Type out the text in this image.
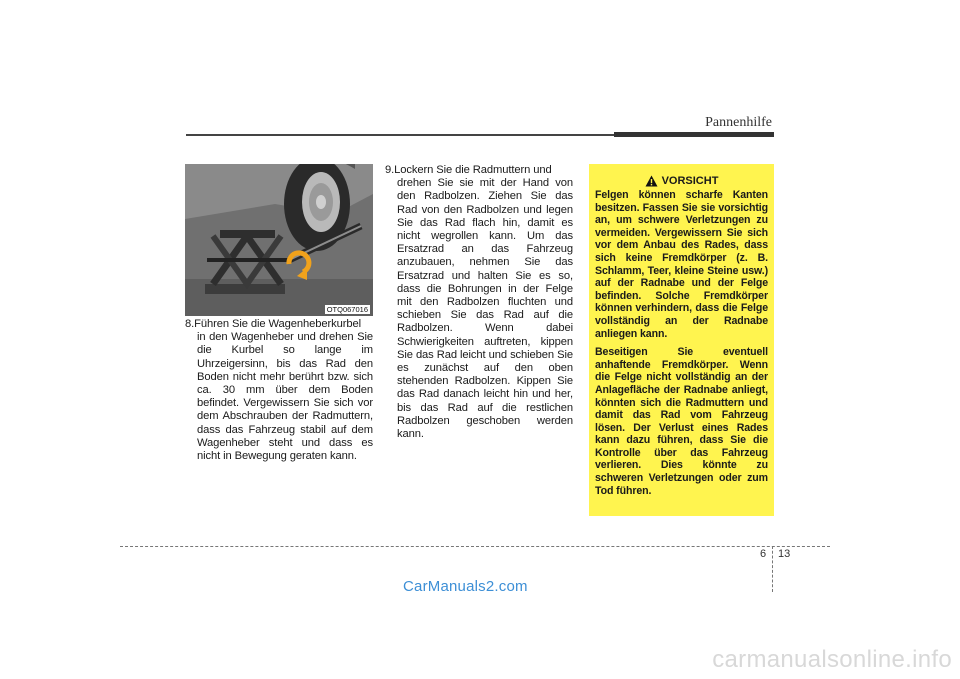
Pannenhilfe
OTQ067016
8.Führen Sie die Wagenheberkurbel
in den Wagenheber und drehen Sie die Kurbel so lange im Uhrzeigersinn, bis das Rad den Boden nicht mehr berührt bzw. sich ca. 30 mm über dem Boden befindet. Vergewissern Sie sich vor dem Abschrauben der Radmuttern, dass das Fahrzeug stabil auf dem Wagenheber steht und dass es nicht in Bewegung geraten kann.
9.Lockern Sie die Radmuttern und
drehen Sie sie mit der Hand von den Radbolzen. Ziehen Sie das Rad von den Radbolzen und legen Sie das Rad flach hin, damit es nicht wegrollen kann. Um das Ersatzrad an das Fahrzeug anzubauen, nehmen Sie das Ersatzrad und halten Sie es so, dass die Bohrungen in der Felge mit den Radbolzen fluchten und schieben Sie das Rad auf die Radbolzen. Wenn dabei Schwierigkeiten auftreten, kippen Sie das Rad leicht und schieben Sie es zunächst auf den oben stehenden Radbolzen. Kippen Sie das Rad danach leicht hin und her, bis das Rad auf die restlichen Radbolzen geschoben werden kann.
VORSICHT

Felgen können scharfe Kanten besitzen. Fassen Sie sie vorsichtig an, um schwere Verletzungen zu vermeiden. Vergewissern Sie sich vor dem Anbau des Rades, dass sich keine Fremdkörper (z. B. Schlamm, Teer, kleine Steine usw.) auf der Radnabe und der Felge befinden. Solche Fremdkörper können verhindern, dass die Felge vollständig an der Radnabe anliegen kann.

Beseitigen Sie eventuell anhaftende Fremdkörper. Wenn die Felge nicht vollständig an der Anlagefläche der Radnabe anliegt, könnten sich die Radmuttern und damit das Rad vom Fahrzeug lösen. Der Verlust eines Rades kann dazu führen, dass Sie die Kontrolle über das Fahrzeug verlieren. Dies könnte zu schweren Verletzungen oder zum Tod führen.

6 13
CarManuals2.com
carmanualsonline.info
